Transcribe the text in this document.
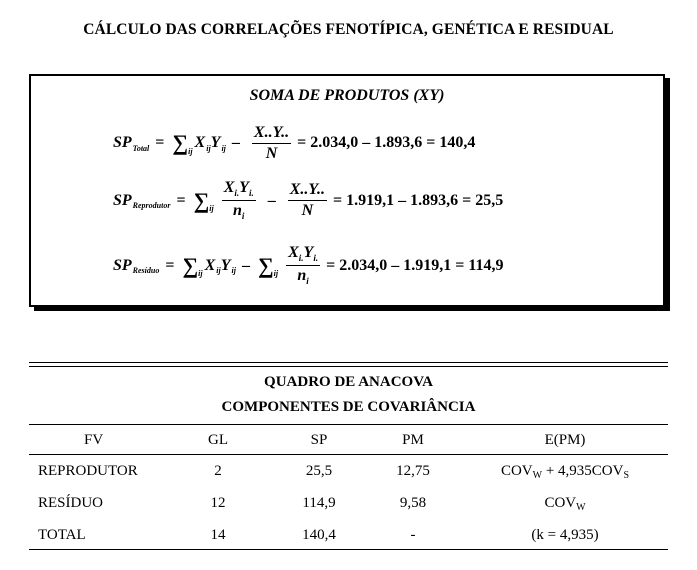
CÁLCULO DAS CORRELAÇÕES FENOTÍPICA, GENÉTICA E RESIDUAL
SOMA DE PRODUTOS (XY)
SP Total = ∑ ij X ij Y ij – $\frac{X..Y..}{N} = 2.034,0 - 1.893,6 = 140,4$
SP Reprodutor = ∑ ij $\frac{X_{i.}Y_{i.}}{n_i} - \frac{X..Y..}{N} = 1.919,1 - 1.893,6 = 25,5$
SP Resíduo = ∑ ij X ij Y ij – ∑ ij $\frac{X_{i.}Y_{i.}}{n_i} = 2.034,0 - 1.919,1 = 114,9$
QUADRO DE ANACOVA
COMPONENTES DE COVARIÂNCIA
FV	GL	SP	PM	E(PM)
REPRODUTOR	2	25,5	12,75	$COV_W + 4,935COV_S$
RESÍDUO	12	114,9	9,58	$COV_W$
TOTAL	14	140,4	-	(k = 4,935)
